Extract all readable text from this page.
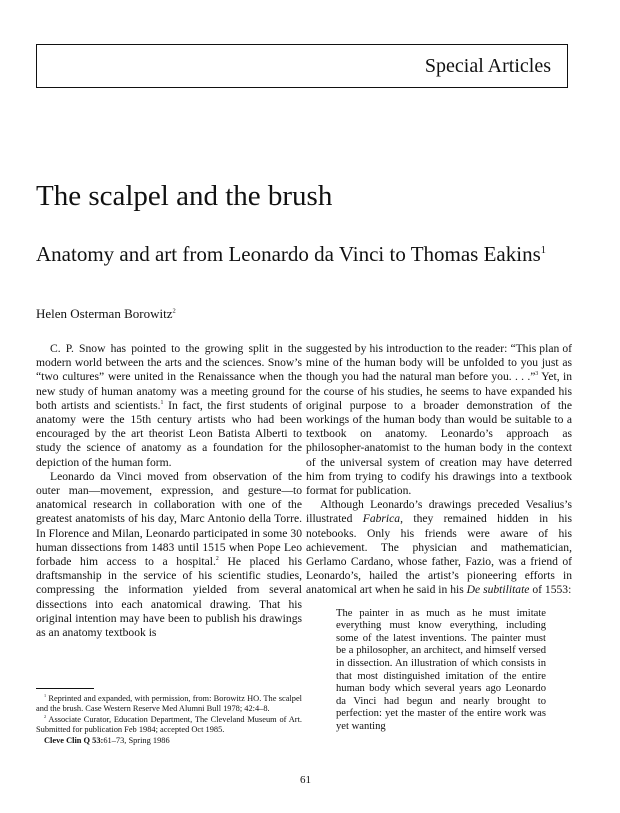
Special Articles
The scalpel and the brush
Anatomy and art from Leonardo da Vinci to Thomas Eakins$^1$
Helen Osterman Borowitz$^2$

C. P. Snow has pointed to the growing split in the modern world between the arts and the sciences. Snow’s “two cultures” were united in the Renaissance when the new study of human anatomy was a meeting ground for both artists and scientists.$^1$ In fact, the first students of anatomy were the 15th century artists who had been encouraged by the art theorist Leon Batista Alberti to study the science of anatomy as a foundation for the depiction of the human form.

Leonardo da Vinci moved from observation of the outer man—movement, expression, and gesture—to anatomical research in collaboration with one of the greatest anatomists of his day, Marc Antonio della Torre. In Florence and Milan, Leonardo participated in some 30 human dissections from 1483 until 1515 when Pope Leo forbade him access to a hospital.$^2$ He placed his draftsmanship in the service of his scientific studies, compressing the information yielded from several dissections into each anatomical drawing. That his original intention may have been to publish his drawings as an anatomy textbook is

suggested by his introduction to the reader: “This plan of mine of the human body will be unfolded to you just as though you had the natural man before you. . . .”$^3$ Yet, in the course of his studies, he seems to have expanded his original purpose to a broader demonstration of the workings of the human body than would be suitable to a textbook on anatomy. Leonardo’s approach as philosopher-anatomist to the human body in the context of the universal system of creation may have deterred him from trying to codify his drawings into a textbook format for publication.

Although Leonardo’s drawings preceded Vesalius’s illustrated Fabrica, they remained hidden in his notebooks. Only his friends were aware of his achievement. The physician and mathematician, Gerlamo Cardano, whose father, Fazio, was a friend of Leonardo’s, hailed the artist’s pioneering efforts in anatomical art when he said in his De subtilitate of 1553:

The painter in as much as he must imitate everything must know everything, including some of the latest inventions. The painter must be a philosopher, an architect, and himself versed in dissection. An illustration of which consists in that most distinguished imitation of the entire human body which several years ago Leonardo da Vinci had begun and nearly brought to perfection: yet the master of the entire work was yet wanting

$^1$ Reprinted and expanded, with permission, from: Borowitz HO. The scalpel and the brush. Case Western Reserve Med Alumni Bull 1978; 42:4–8.

$^2$ Associate Curator, Education Department, The Cleveland Museum of Art. Submitted for publication Feb 1984; accepted Oct 1985.

Cleve Clin Q 53:61–73, Spring 1986

61
